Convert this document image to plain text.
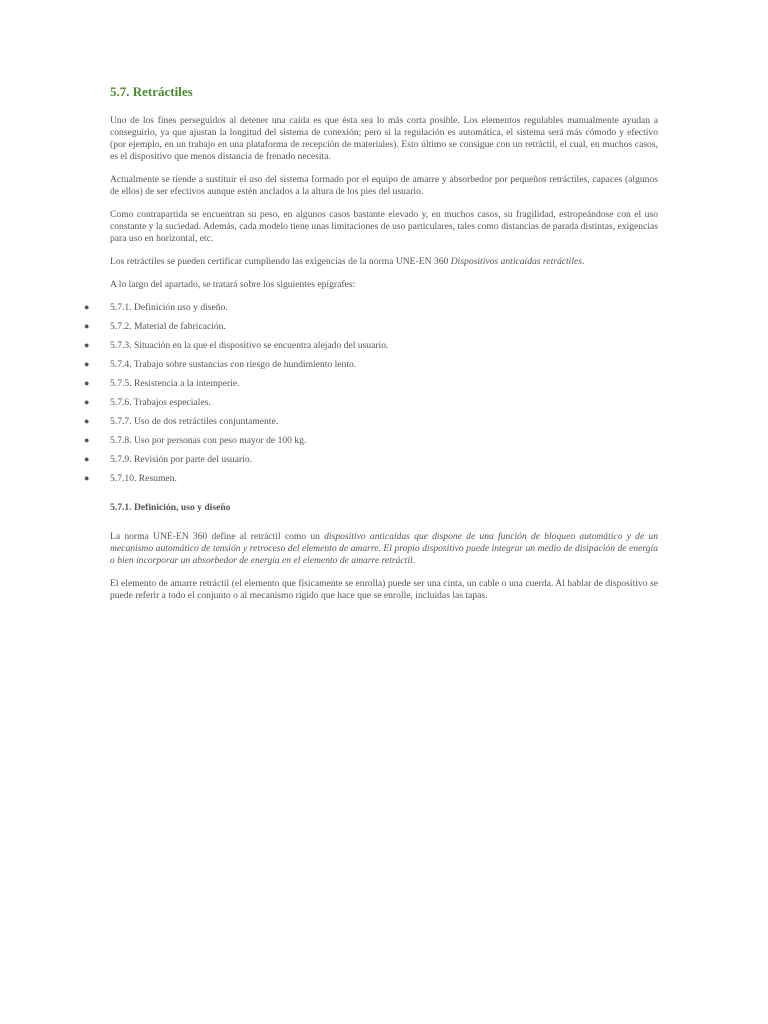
5.7. Retráctiles

Uno de los fines perseguidos al detener una caída es que ésta sea lo más corta posible. Los elementos regulables manualmente ayudan a conseguirlo, ya que ajustan la longitud del sistema de conexión; pero si la regulación es automática, el sistema será más cómodo y efectivo (por ejemplo, en un trabajo en una plataforma de recepción de materiales). Esto último se consigue con un retráctil, el cual, en muchos casos, es el dispositivo que menos distancia de frenado necesita.

Actualmente se tiende a sustituir el uso del sistema formado por el equipo de amarre y absorbedor por pequeños retráctiles, capaces (algunos de ellos) de ser efectivos aunque estén anclados a la altura de los pies del usuario.

Como contrapartida se encuentran su peso, en algunos casos bastante elevado y, en muchos casos, su fragilidad, estropeándose con el uso constante y la suciedad. Además, cada modelo tiene unas limitaciones de uso particulares, tales como distancias de parada distintas, exigencias para uso en horizontal, etc.

Los retráctiles se pueden certificar cumpliendo las exigencias de la norma UNE-EN 360 Dispositivos anticaídas retráctiles.

A lo largo del apartado, se tratará sobre los siguientes epígrafes:

● 5.7.1. Definición uso y diseño.
● 5.7.2. Material de fabricación.
● 5.7.3. Situación en la que el dispositivo se encuentra alejado del usuario.
● 5.7.4. Trabajo sobre sustancias con riesgo de hundimiento lento.
● 5.7.5. Resistencia a la intemperie.
● 5.7.6. Trabajos especiales.
● 5.7.7. Uso de dos retráctiles conjuntamente.
● 5.7.8. Uso por personas con peso mayor de 100 kg.
● 5.7.9. Revisión por parte del usuario.
● 5.7.10. Resumen.
5.7.1. Definición, uso y diseño

La norma UNE-EN 360 define al retráctil como un dispositivo anticaídas que dispone de una función de bloqueo automático y de un mecanismo automático de tensión y retroceso del elemento de amarre. El propio dispositivo puede integrar un medio de disipación de energía o bien incorporar un absorbedor de energía en el elemento de amarre retráctil.

El elemento de amarre retráctil (el elemento que físicamente se enrolla) puede ser una cinta, un cable o una cuerda. Al hablar de dispositivo se puede referir a todo el conjunto o al mecanismo rígido que hace que se enrolle, incluidas las tapas.
